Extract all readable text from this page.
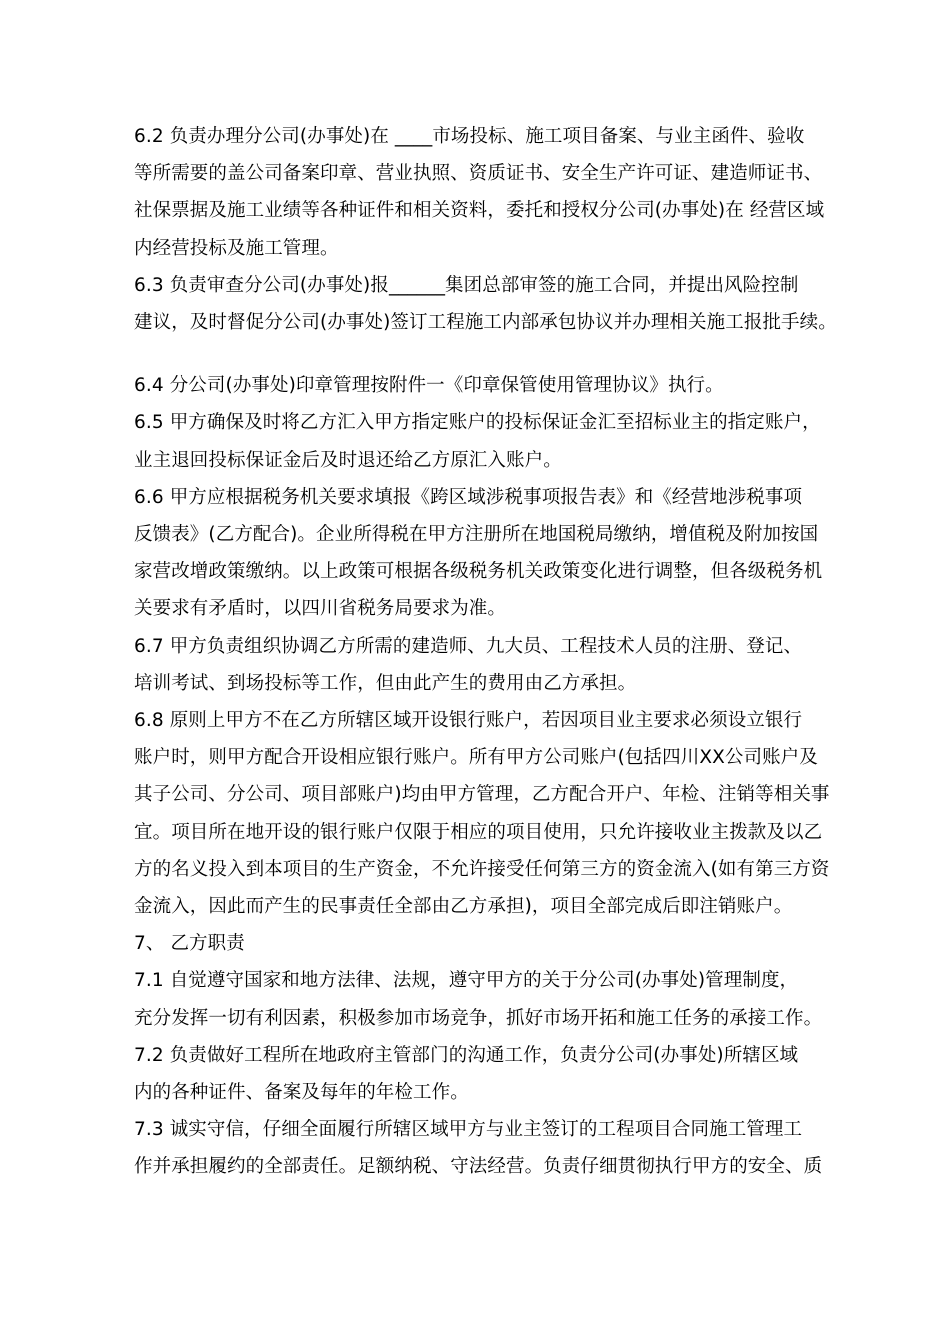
6.2 负责办理分公司(办事处)在 ____市场投标、施工项目备案、与业主函件、验收
等所需要的盖公司备案印章、营业执照、资质证书、安全生产许可证、建造师证书、
社保票据及施工业绩等各种证件和相关资料，委托和授权分公司(办事处)在 经营区域
内经营投标及施工管理。

6.3 负责审查分公司(办事处)报______集团总部审签的施工合同，并提出风险控制
建议，及时督促分公司(办事处)签订工程施工内部承包协议并办理相关施工报批手续。

6.4 分公司(办事处)印章管理按附件一《印章保管使用管理协议》执行。

6.5 甲方确保及时将乙方汇入甲方指定账户的投标保证金汇至招标业主的指定账户，
业主退回投标保证金后及时退还给乙方原汇入账户。

6.6 甲方应根据税务机关要求填报《跨区域涉税事项报告表》和《经营地涉税事项
反馈表》(乙方配合)。企业所得税在甲方注册所在地国税局缴纳，增值税及附加按国
家营改增政策缴纳。以上政策可根据各级税务机关政策变化进行调整，但各级税务机
关要求有矛盾时，以四川省税务局要求为准。

6.7 甲方负责组织协调乙方所需的建造师、九大员、工程技术人员的注册、登记、
培训考试、到场投标等工作，但由此产生的费用由乙方承担。

6.8 原则上甲方不在乙方所辖区域开设银行账户，若因项目业主要求必须设立银行
账户时，则甲方配合开设相应银行账户。所有甲方公司账户(包括四川XX公司账户及
其子公司、分公司、项目部账户)均由甲方管理，乙方配合开户、年检、注销等相关事
宜。项目所在地开设的银行账户仅限于相应的项目使用，只允许接收业主拨款及以乙
方的名义投入到本项目的生产资金，不允许接受任何第三方的资金流入(如有第三方资
金流入，因此而产生的民事责任全部由乙方承担)，项目全部完成后即注销账户。

7、 乙方职责

7.1 自觉遵守国家和地方法律、法规，遵守甲方的关于分公司(办事处)管理制度，
充分发挥一切有利因素，积极参加市场竞争，抓好市场开拓和施工任务的承接工作。

7.2 负责做好工程所在地政府主管部门的沟通工作，负责分公司(办事处)所辖区域
内的各种证件、备案及每年的年检工作。

7.3 诚实守信，仔细全面履行所辖区域甲方与业主签订的工程项目合同施工管理工
作并承担履约的全部责任。足额纳税、守法经营。负责仔细贯彻执行甲方的安全、质
